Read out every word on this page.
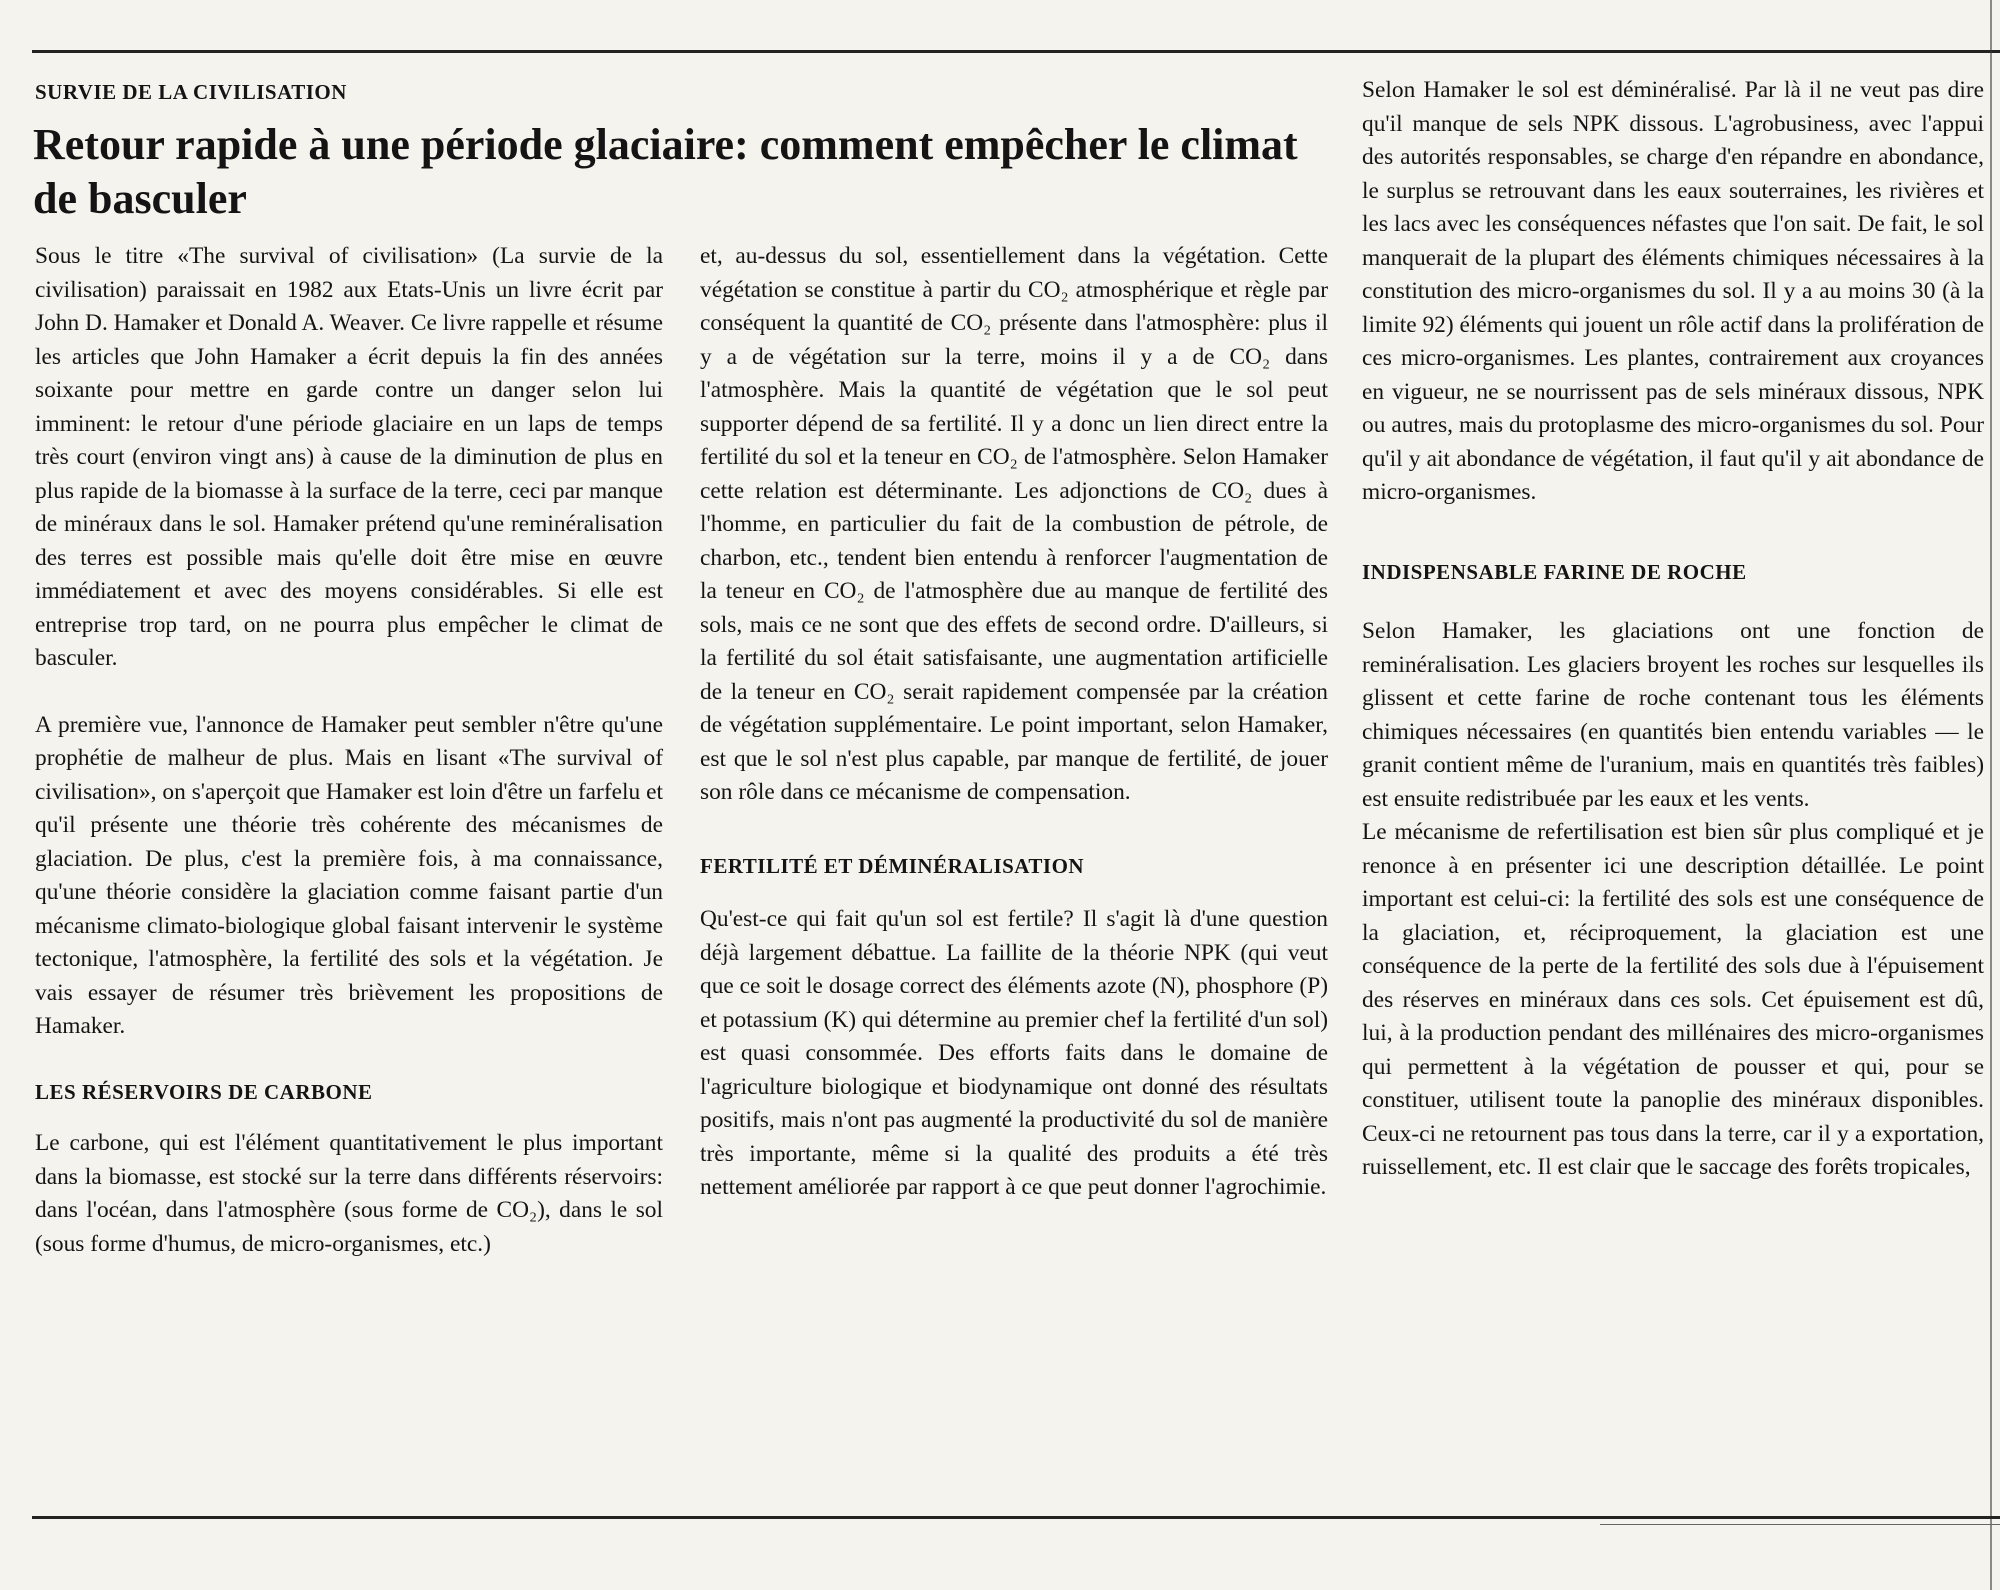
SURVIE DE LA CIVILISATION
Retour rapide à une période glaciaire: comment empêcher le climat de basculer

Sous le titre «The survival of civilisation» (La survie de la civilisation) paraissait en 1982 aux Etats-Unis un livre écrit par John D. Hamaker et Donald A. Weaver. Ce livre rappelle et résume les articles que John Hamaker a écrit depuis la fin des années soixante pour mettre en garde contre un danger selon lui imminent: le retour d'une période glaciaire en un laps de temps très court (environ vingt ans) à cause de la diminution de plus en plus rapide de la biomasse à la surface de la terre, ceci par manque de minéraux dans le sol. Hamaker prétend qu'une reminéralisation des terres est possible mais qu'elle doit être mise en œuvre immédiatement et avec des moyens considérables. Si elle est entreprise trop tard, on ne pourra plus empêcher le climat de basculer.

A première vue, l'annonce de Hamaker peut sembler n'être qu'une prophétie de malheur de plus. Mais en lisant «The survival of civilisation», on s'aperçoit que Hamaker est loin d'être un farfelu et qu'il présente une théorie très cohérente des mécanismes de glaciation. De plus, c'est la première fois, à ma connaissance, qu'une théorie considère la glaciation comme faisant partie d'un mécanisme climato-biologique global faisant intervenir le système tectonique, l'atmosphère, la fertilité des sols et la végétation. Je vais essayer de résumer très brièvement les propositions de Hamaker.

LES RÉSERVOIRS DE CARBONE

Le carbone, qui est l'élément quantitativement le plus important dans la biomasse, est stocké sur la terre dans différents réservoirs: dans l'océan, dans l'atmosphère (sous forme de CO₂), dans le sol (sous forme d'humus, de micro-organismes, etc.)

et, au-dessus du sol, essentiellement dans la végétation. Cette végétation se constitue à partir du CO₂ atmosphérique et règle par conséquent la quantité de CO₂ présente dans l'atmosphère: plus il y a de végétation sur la terre, moins il y a de CO₂ dans l'atmosphère. Mais la quantité de végétation que le sol peut supporter dépend de sa fertilité. Il y a donc un lien direct entre la fertilité du sol et la teneur en CO₂ de l'atmosphère. Selon Hamaker cette relation est déterminante. Les adjonctions de CO₂ dues à l'homme, en particulier du fait de la combustion de pétrole, de charbon, etc., tendent bien entendu à renforcer l'augmentation de la teneur en CO₂ de l'atmosphère due au manque de fertilité des sols, mais ce ne sont que des effets de second ordre. D'ailleurs, si la fertilité du sol était satisfaisante, une augmentation artificielle de la teneur en CO₂ serait rapidement compensée par la création de végétation supplémentaire. Le point important, selon Hamaker, est que le sol n'est plus capable, par manque de fertilité, de jouer son rôle dans ce mécanisme de compensation.

FERTILITÉ ET DÉMINÉRALISATION

Qu'est-ce qui fait qu'un sol est fertile? Il s'agit là d'une question déjà largement débattue. La faillite de la théorie NPK (qui veut que ce soit le dosage correct des éléments azote (N), phosphore (P) et potassium (K) qui détermine au premier chef la fertilité d'un sol) est quasi consommée. Des efforts faits dans le domaine de l'agriculture biologique et biodynamique ont donné des résultats positifs, mais n'ont pas augmenté la productivité du sol de manière très importante, même si la qualité des produits a été très nettement améliorée par rapport à ce que peut donner l'agrochimie.

Selon Hamaker le sol est déminéralisé. Par là il ne veut pas dire qu'il manque de sels NPK dissous. L'agrobusiness, avec l'appui des autorités responsables, se charge d'en répandre en abondance, le surplus se retrouvant dans les eaux souterraines, les rivières et les lacs avec les conséquences néfastes que l'on sait. De fait, le sol manquerait de la plupart des éléments chimiques nécessaires à la constitution des micro-organismes du sol. Il y a au moins 30 (à la limite 92) éléments qui jouent un rôle actif dans la prolifération de ces micro-organismes. Les plantes, contrairement aux croyances en vigueur, ne se nourrissent pas de sels minéraux dissous, NPK ou autres, mais du protoplasme des micro-organismes du sol. Pour qu'il y ait abondance de végétation, il faut qu'il y ait abondance de micro-organismes.

INDISPENSABLE FARINE DE ROCHE

Selon Hamaker, les glaciations ont une fonction de reminéralisation. Les glaciers broyent les roches sur lesquelles ils glissent et cette farine de roche contenant tous les éléments chimiques nécessaires (en quantités bien entendu variables — le granit contient même de l'uranium, mais en quantités très faibles) est ensuite redistribuée par les eaux et les vents.

Le mécanisme de refertilisation est bien sûr plus compliqué et je renonce à en présenter ici une description détaillée. Le point important est celui-ci: la fertilité des sols est une conséquence de la glaciation, et, réciproquement, la glaciation est une conséquence de la perte de la fertilité des sols due à l'épuisement des réserves en minéraux dans ces sols. Cet épuisement est dû, lui, à la production pendant des millénaires des micro-organismes qui permettent à la végétation de pousser et qui, pour se constituer, utilisent toute la panoplie des minéraux disponibles. Ceux-ci ne retournent pas tous dans la terre, car il y a exportation, ruissellement, etc. Il est clair que le saccage des forêts tropicales,
